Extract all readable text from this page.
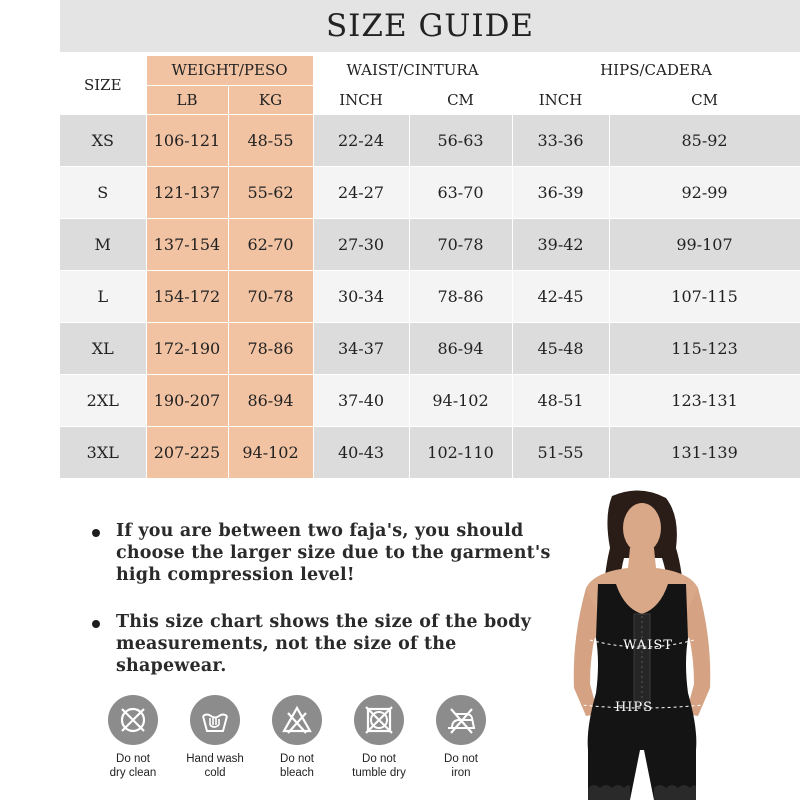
SIZE GUIDE
SIZE	WEIGHT/PESO		WAIST/CINTURA		HIPS/CADERA	
	LB	KG	INCH	CM	INCH	CM
XS	106-121	48-55	22-24	56-63	33-36	85-92
S	121-137	55-62	24-27	63-70	36-39	92-99
M	137-154	62-70	27-30	70-78	39-42	99-107
L	154-172	70-78	30-34	78-86	42-45	107-115
XL	172-190	78-86	34-37	86-94	45-48	115-123
2XL	190-207	86-94	37-40	94-102	48-51	123-131
3XL	207-225	94-102	40-43	102-110	51-55	131-139
If you are between two faja's, you should
choose the larger size due to the garment's
high compression level!
This size chart shows the size of the body
measurements, not the size of the
shapewear.
Do not
dry clean
Hand wash
cold
Do not
bleach
Do not
tumble dry
Do not
iron
WAIST
HIPS
